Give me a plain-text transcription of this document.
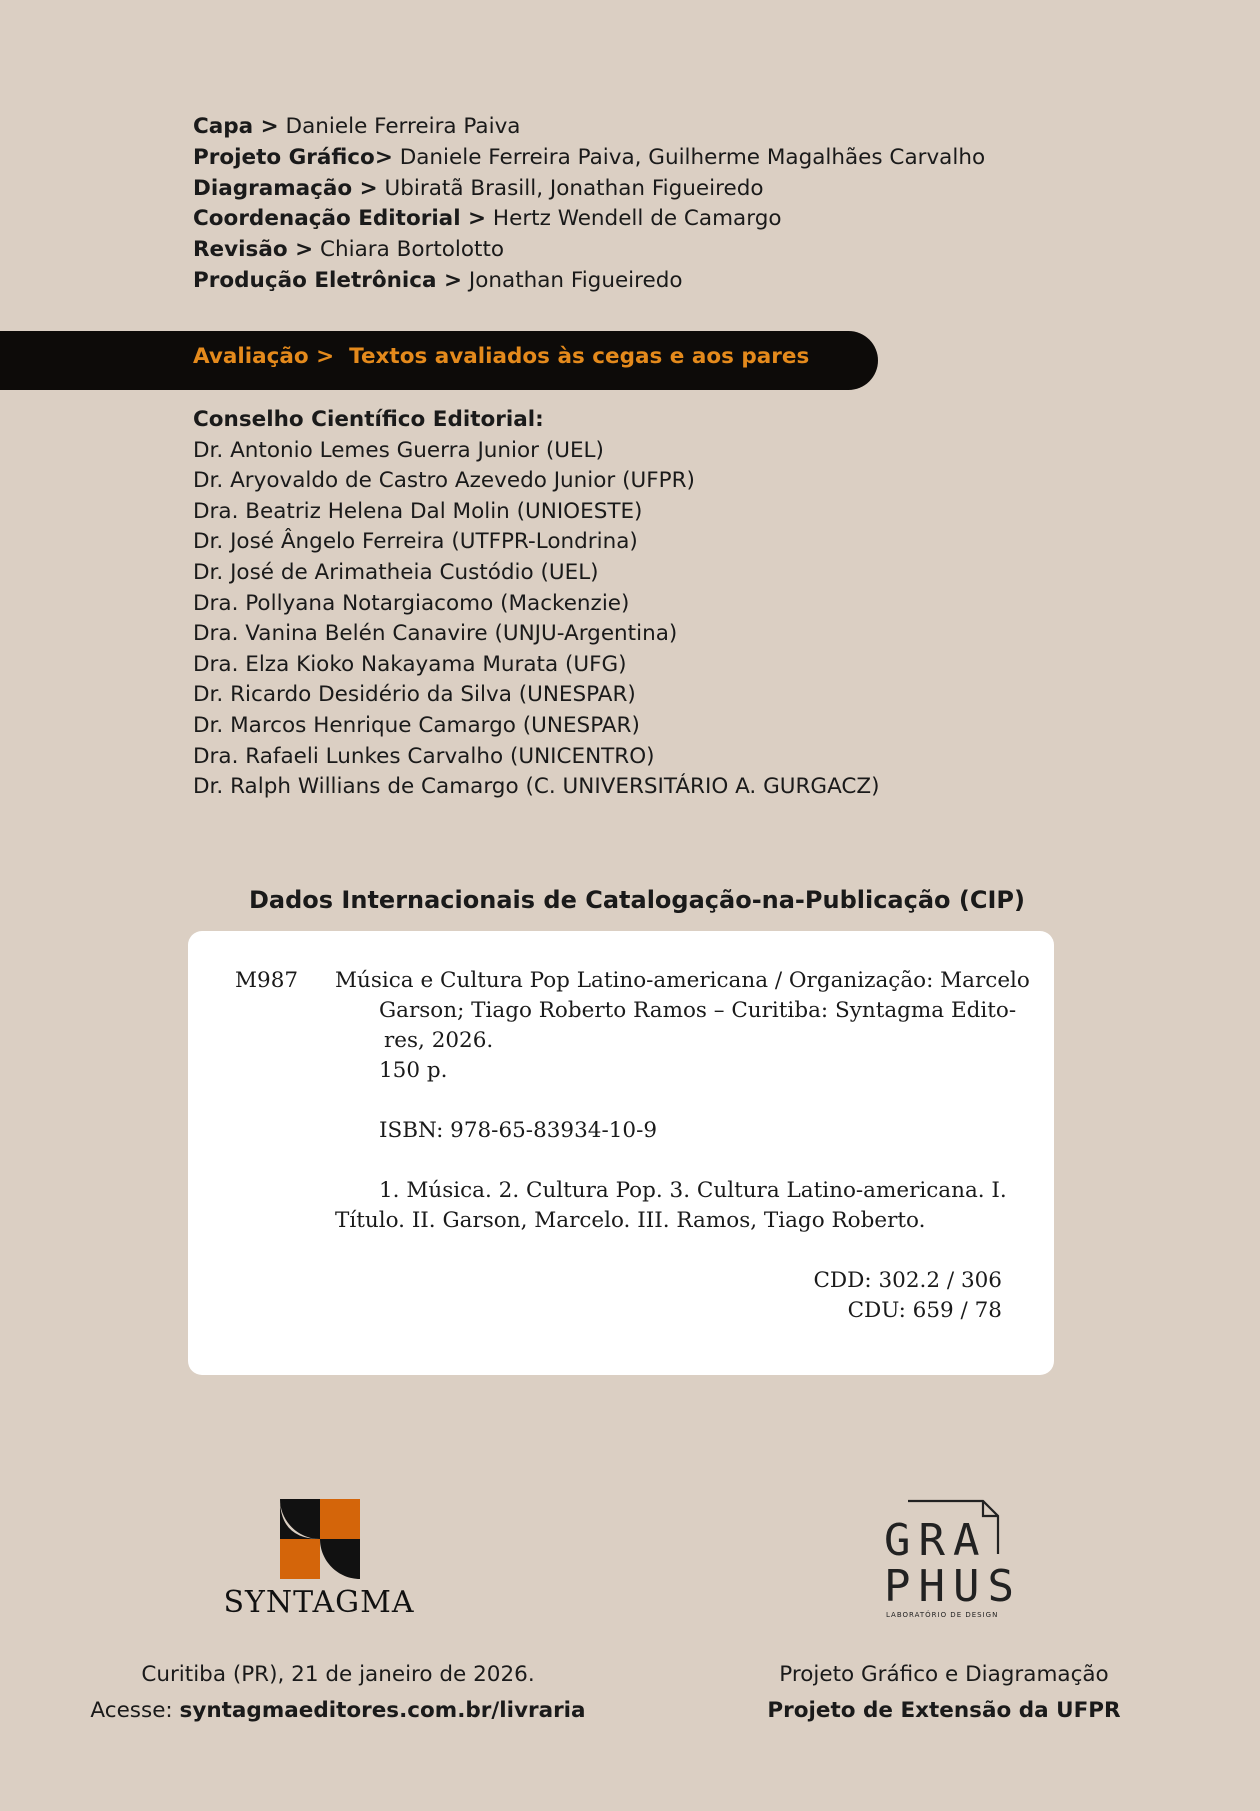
Capa > Daniele Ferreira Paiva
Projeto Gráfico> Daniele Ferreira Paiva, Guilherme Magalhães Carvalho
Diagramação > Ubiratã Brasill, Jonathan Figueiredo
Coordenação Editorial > Hertz Wendell de Camargo
Revisão > Chiara Bortolotto
Produção Eletrônica > Jonathan Figueiredo
Avaliação > Textos avaliados às cegas e aos pares
Conselho Científico Editorial:
Dr. Antonio Lemes Guerra Junior (UEL)
Dr. Aryovaldo de Castro Azevedo Junior (UFPR)
Dra. Beatriz Helena Dal Molin (UNIOESTE)
Dr. José Ângelo Ferreira (UTFPR-Londrina)
Dr. José de Arimatheia Custódio (UEL)
Dra. Pollyana Notargiacomo (Mackenzie)
Dra. Vanina Belén Canavire (UNJU-Argentina)
Dra. Elza Kioko Nakayama Murata (UFG)
Dr. Ricardo Desidério da Silva (UNESPAR)
Dr. Marcos Henrique Camargo (UNESPAR)
Dra. Rafaeli Lunkes Carvalho (UNICENTRO)
Dr. Ralph Willians de Camargo (C. UNIVERSITÁRIO A. GURGACZ)
Dados Internacionais de Catalogação-na-Publicação (CIP)
M987 Música e Cultura Pop Latino-americana / Organização: Marcelo
Garson; Tiago Roberto Ramos – Curitiba: Syntagma Edito-
res, 2026.
150 p.
ISBN: 978-65-83934-10-9
1. Música. 2. Cultura Pop. 3. Cultura Latino-americana. I.
Título. II. Garson, Marcelo. III. Ramos, Tiago Roberto.
CDD: 302.2 / 306
CDU: 659 / 78
SYNTAGMA
GRA
PHUS
LABORATÓRIO DE DESIGN
Curitiba (PR), 21 de janeiro de 2026.
Acesse: syntagmaeditores.com.br/livraria
Projeto Gráfico e Diagramação
Projeto de Extensão da UFPR
